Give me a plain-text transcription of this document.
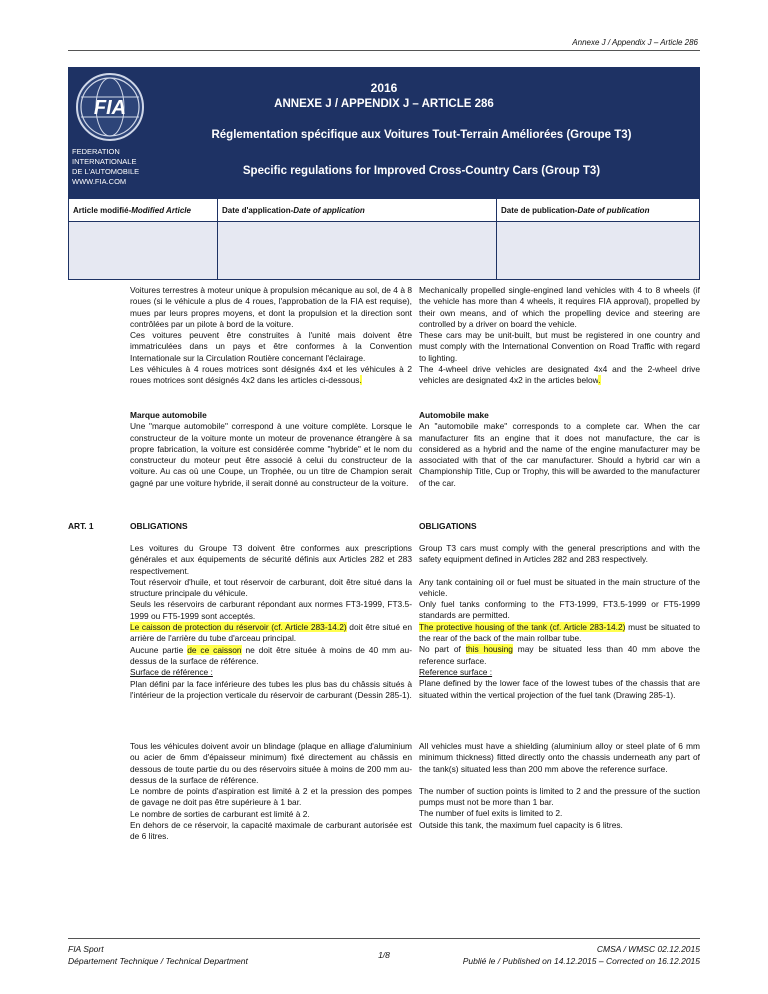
Annexe J / Appendix J – Article 286
FIA
FEDERATION
INTERNATIONALE
DE L'AUTOMOBILE
WWW.FIA.COM
2016
ANNEXE J / APPENDIX J – ARTICLE 286
Réglementation spécifique aux Voitures Tout-Terrain Améliorées (Groupe T3)
Specific regulations for Improved Cross-Country Cars (Group T3)
Article modifié-Modified Article	Date d'application-Date of application	Date de publication-Date of publication

Voitures terrestres à moteur unique à propulsion mécanique au sol, de 4 à 8 roues (si le véhicule a plus de 4 roues, l'approbation de la FIA est requise), mues par leurs propres moyens, et dont la propulsion et la direction sont contrôlées par un pilote à bord de la voiture.
Ces voitures peuvent être construites à l'unité mais doivent être immatriculées dans un pays et être conformes à la Convention Internationale sur la Circulation Routière concernant l'éclairage.
Les véhicules à 4 roues motrices sont désignés 4x4 et les véhicules à 2 roues motrices sont désignés 4x2 dans les articles ci-dessous.
Mechanically propelled single-engined land vehicles with 4 to 8 wheels (if the vehicle has more than 4 wheels, it requires FIA approval), propelled by their own means, and of which the propelling device and steering are controlled by a driver on board the vehicle.
These cars may be unit-built, but must be registered in one country and must comply with the International Convention on Road Traffic with regard to lighting.
The 4-wheel drive vehicles are designated 4x4 and the 2-wheel drive vehicles are designated 4x2 in the articles below.
Marque automobile
Une "marque automobile" correspond à une voiture complète. Lorsque le constructeur de la voiture monte un moteur de provenance étrangère à sa propre fabrication, la voiture est considérée comme "hybride" et le nom du constructeur du moteur peut être associé à celui du constructeur de la voiture. Au cas où une Coupe, un Trophée, ou un titre de Champion serait gagné par une voiture hybride, il serait donné au constructeur de la voiture.
Automobile make
An "automobile make" corresponds to a complete car. When the car manufacturer fits an engine that it does not manufacture, the car is considered as a hybrid and the name of the engine manufacturer may be associated with that of the car manufacturer. Should a hybrid car win a Championship Title, Cup or Trophy, this will be awarded to the manufacturer of the car.
ART. 1	OBLIGATIONS	OBLIGATIONS
Les voitures du Groupe T3 doivent être conformes aux prescriptions générales et aux équipements de sécurité définis aux Articles 282 et 283 respectivement.
Tout réservoir d'huile, et tout réservoir de carburant, doit être situé dans la structure principale du véhicule.
Seuls les réservoirs de carburant répondant aux normes FT3-1999, FT3.5-1999 ou FT5-1999 sont acceptés.
Le caisson de protection du réservoir (cf. Article 283-14.2) doit être situé en arrière de l'arrière du tube d'arceau principal.
Aucune partie de ce caisson ne doit être située à moins de 40 mm au-dessus de la surface de référence.
Surface de référence :
Plan défini par la face inférieure des tubes les plus bas du châssis situés à l'intérieur de la projection verticale du réservoir de carburant (Dessin 285-1).
Group T3 cars must comply with the general prescriptions and with the safety equipment defined in Articles 282 and 283 respectively.
Any tank containing oil or fuel must be situated in the main structure of the vehicle.
Only fuel tanks conforming to the FT3-1999, FT3.5-1999 or FT5-1999 standards are permitted.
The protective housing of the tank (cf. Article 283-14.2) must be situated to the rear of the back of the main rollbar tube.
No part of this housing may be situated less than 40 mm above the reference surface.
Reference surface :
Plane defined by the lower face of the lowest tubes of the chassis that are situated within the vertical projection of the fuel tank (Drawing 285-1).
Tous les véhicules doivent avoir un blindage (plaque en alliage d'aluminium ou acier de 6mm d'épaisseur minimum) fixé directement au châssis en dessous de toute partie du ou des réservoirs située à moins de 200 mm au-dessus de la surface de référence.
Le nombre de points d'aspiration est limité à 2 et la pression des pompes de gavage ne doit pas être supérieure à 1 bar.
Le nombre de sorties de carburant est limité à 2.
En dehors de ce réservoir, la capacité maximale de carburant autorisée est de 6 litres.
All vehicles must have a shielding (aluminium alloy or steel plate of 6 mm minimum thickness) fitted directly onto the chassis underneath any part of the tank(s) situated less than 200 mm above the reference surface.
The number of suction points is limited to 2 and the pressure of the suction pumps must not be more than 1 bar.
The number of fuel exits is limited to 2.
Outside this tank, the maximum fuel capacity is 6 litres.
FIA Sport
Département Technique / Technical Department
1/8
CMSA / WMSC 02.12.2015
Publié le / Published on 14.12.2015 – Corrected on 16.12.2015
